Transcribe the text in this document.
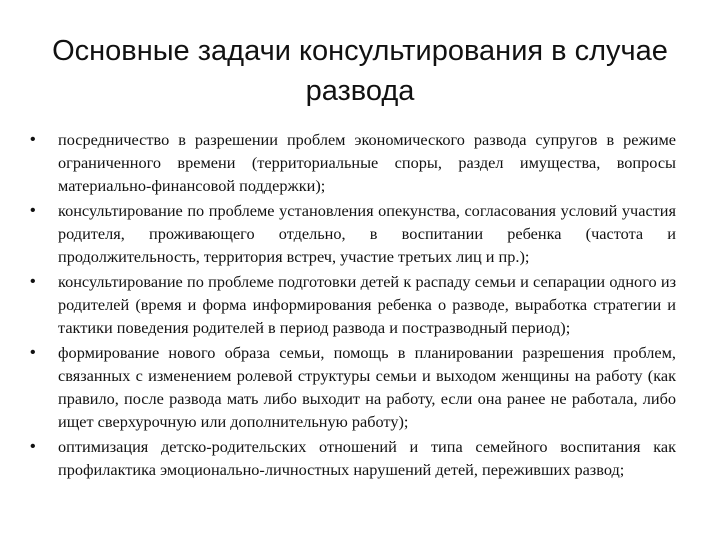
Основные задачи консультирования в случае развода
• посредничество в разрешении проблем экономического развода супругов в режиме ограниченного времени (территориальные споры, раздел имущества, вопросы материально-финансовой поддержки);
• консультирование по проблеме установления опекунства, согласования условий участия родителя, проживающего отдельно, в воспитании ребенка (частота и продолжительность, территория встреч, участие третьих лиц и пр.);
• консультирование по проблеме подготовки детей к распаду семьи и сепарации одного из родителей (время и форма информирования ребенка о разводе, выработка стратегии и тактики поведения родителей в период развода и постразводный период);
• формирование нового образа семьи, помощь в планировании разрешения проблем, связанных с изменением ролевой структуры семьи и выходом женщины на работу (как правило, после развода мать либо выходит на работу, если она ранее не работала, либо ищет сверхурочную или дополнительную работу);
• оптимизация детско-родительских отношений и типа семейного воспитания как профилактика эмоционально-личностных нарушений детей, переживших развод;
